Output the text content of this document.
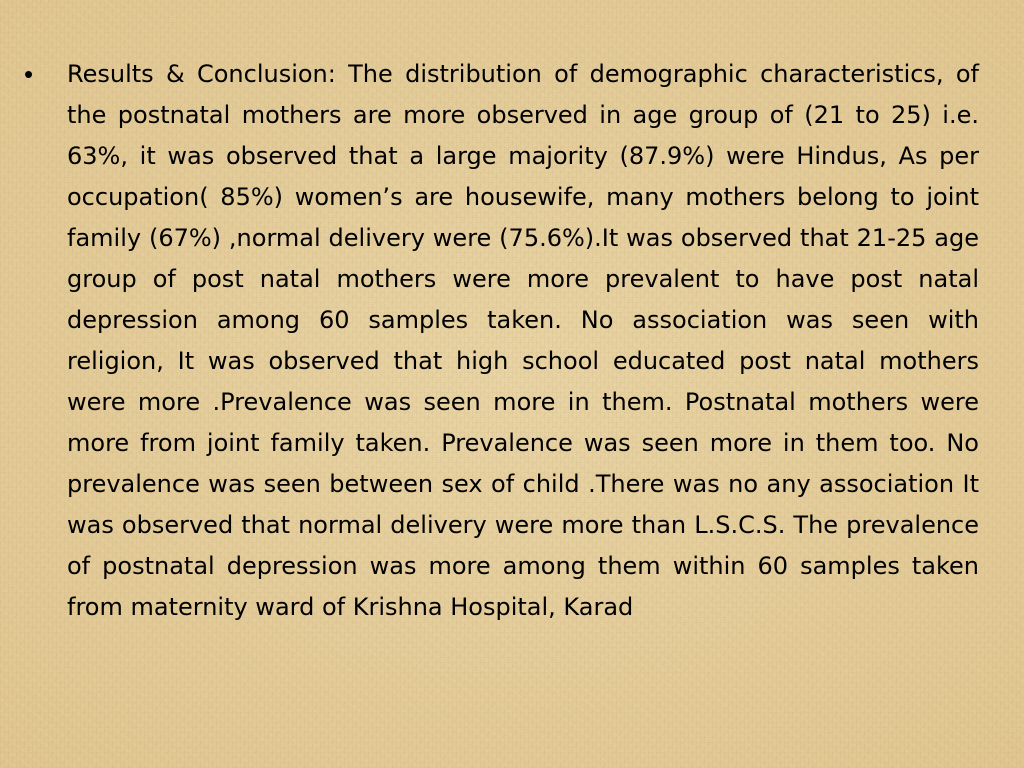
• Results & Conclusion: The distribution of demographic characteristics, of the postnatal mothers are more observed in age group of (21 to 25) i.e. 63%, it was observed that a large majority (87.9%) were Hindus, As per occupation( 85%) women’s are housewife, many mothers belong to joint family (67%) ,normal delivery were (75.6%).It was observed that 21-25 age group of post natal mothers were more prevalent to have post natal depression among 60 samples taken. No association was seen with religion, It was observed that high school educated post natal mothers were more .Prevalence was seen more in them. Postnatal mothers were more from joint family taken. Prevalence was seen more in them too. No prevalence was seen between sex of child .There was no any association It was observed that normal delivery were more than L.S.C.S. The prevalence of postnatal depression was more among them within 60 samples taken from maternity ward of Krishna Hospital, Karad
